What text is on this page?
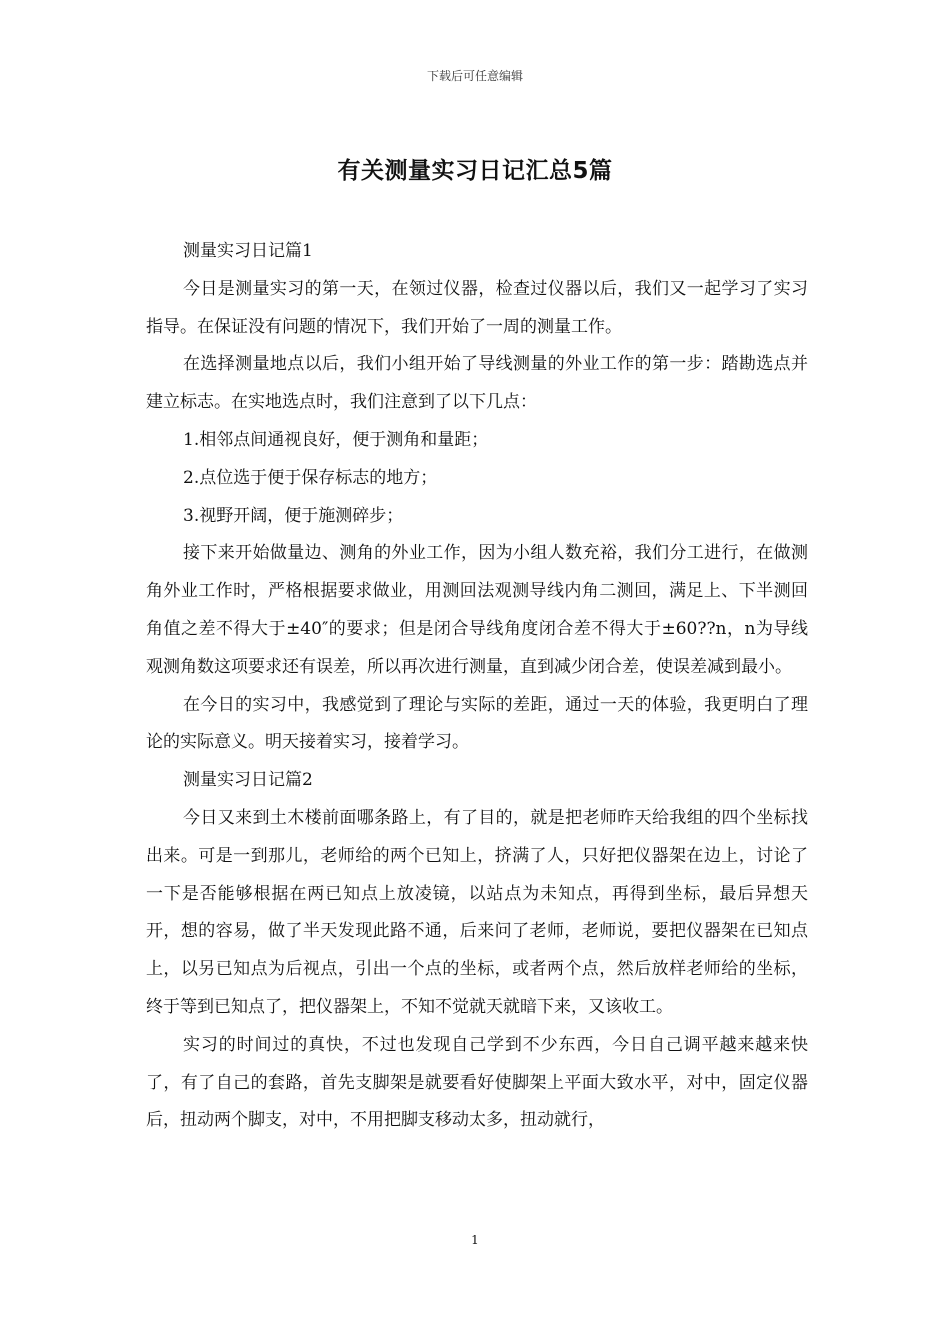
下载后可任意编辑
有关测量实习日记汇总5篇

测量实习日记篇1

今日是测量实习的第一天，在领过仪器，检查过仪器以后，我们又一起学习了实习指导。在保证没有问题的情况下，我们开始了一周的测量工作。

在选择测量地点以后，我们小组开始了导线测量的外业工作的第一步：踏勘选点并建立标志。在实地选点时，我们注意到了以下几点：

1.相邻点间通视良好，便于测角和量距；

2.点位选于便于保存标志的地方；

3.视野开阔，便于施测碎步；

接下来开始做量边、测角的外业工作，因为小组人数充裕，我们分工进行，在做测角外业工作时，严格根据要求做业，用测回法观测导线内角二测回，满足上、下半测回角值之差不得大于±40″的要求；但是闭合导线角度闭合差不得大于±60??n，n为导线观测角数这项要求还有误差，所以再次进行测量，直到减少闭合差，使误差减到最小。

在今日的实习中，我感觉到了理论与实际的差距，通过一天的体验，我更明白了理论的实际意义。明天接着实习，接着学习。

测量实习日记篇2

今日又来到土木楼前面哪条路上，有了目的，就是把老师昨天给我组的四个坐标找出来。可是一到那儿，老师给的两个已知上，挤满了人，只好把仪器架在边上，讨论了一下是否能够根据在两已知点上放凌镜，以站点为未知点，再得到坐标，最后异想天开，想的容易，做了半天发现此路不通，后来问了老师，老师说，要把仪器架在已知点上，以另已知点为后视点，引出一个点的坐标，或者两个点，然后放样老师给的坐标，终于等到已知点了，把仪器架上，不知不觉就天就暗下来，又该收工。

实习的时间过的真快，不过也发现自己学到不少东西，今日自己调平越来越来快了，有了自己的套路，首先支脚架是就要看好使脚架上平面大致水平，对中，固定仪器后，扭动两个脚支，对中，不用把脚支移动太多，扭动就行，

1
